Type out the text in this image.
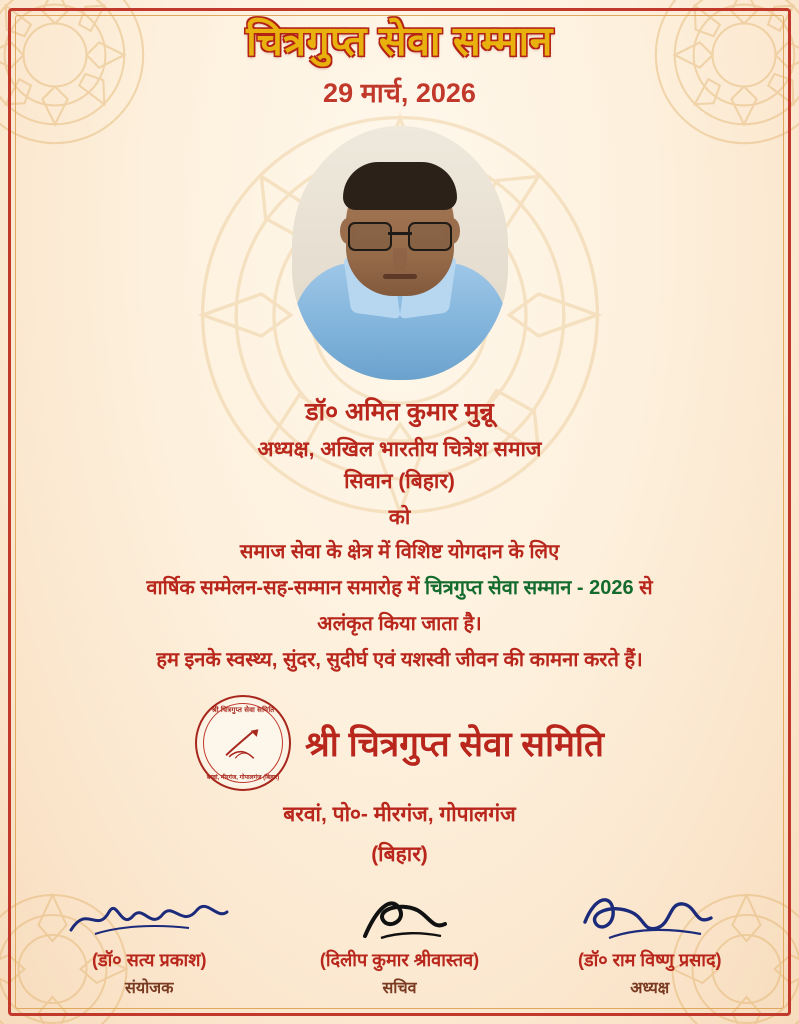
चित्रगुप्त सेवा सम्मान
29 मार्च, 2026
डॉ० अमित कुमार मुन्नू
अध्यक्ष, अखिल भारतीय चित्रेश समाज
सिवान (बिहार)
को

समाज सेवा के क्षेत्र में विशिष्ट योगदान के लिए

वार्षिक सम्मेलन-सह-सम्मान समारोह में चित्रगुप्त सेवा सम्मान - 2026 से

अलंकृत किया जाता है।

हम इनके स्वस्थ्य, सुंदर, सुदीर्घ एवं यशस्वी जीवन की कामना करते हैं।

श्री चित्रगुप्त सेवा समिति
बरवां, मीरगंज, गोपालगंज (बिहार)
श्री चित्रगुप्त सेवा समिति
बरवां, पो०- मीरगंज, गोपालगंज
(बिहार)
(डॉ० सत्य प्रकाश)
संयोजक
(दिलीप कुमार श्रीवास्तव)
सचिव
(डॉ० राम विष्णु प्रसाद)
अध्यक्ष
